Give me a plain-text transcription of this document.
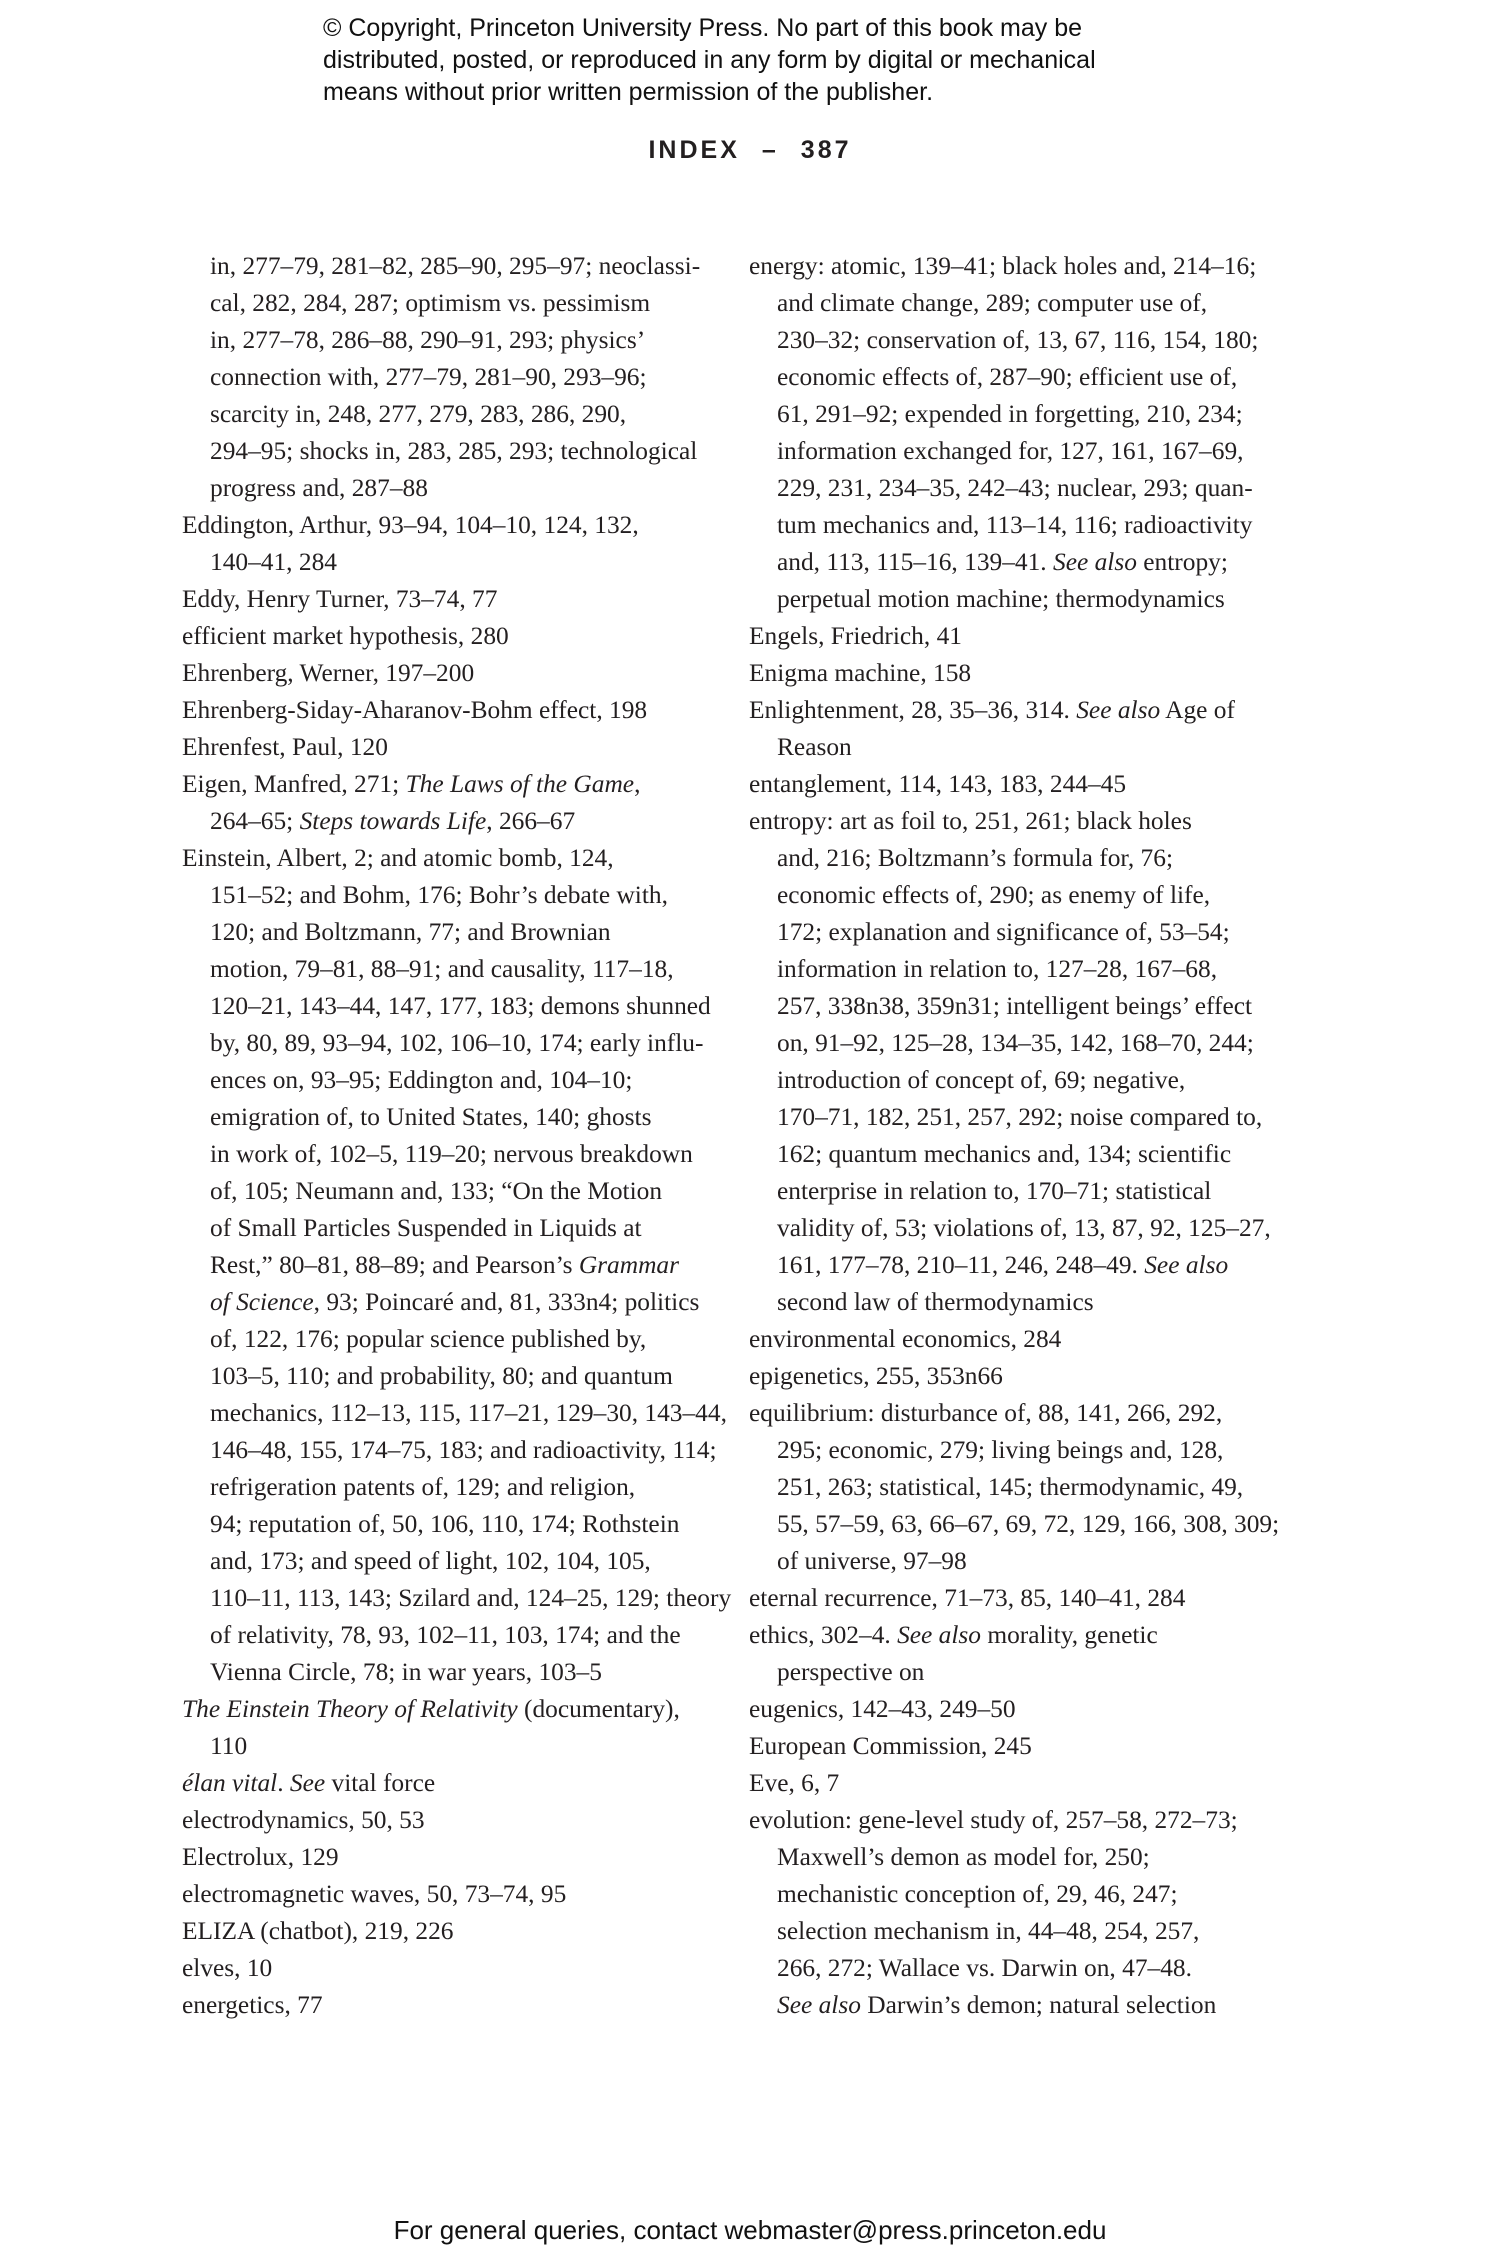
© Copyright, Princeton University Press. No part of this book may be
distributed, posted, or reproduced in any form by digital or mechanical
means without prior written permission of the publisher.
INDEX – 387
in, 277–79, 281–82, 285–90, 295–97; neoclassi-
cal, 282, 284, 287; optimism vs. pessimism
in, 277–78, 286–88, 290–91, 293; physics’
connection with, 277–79, 281–90, 293–96;
scarcity in, 248, 277, 279, 283, 286, 290,
294–95; shocks in, 283, 285, 293; technological
progress and, 287–88
Eddington, Arthur, 93–94, 104–10, 124, 132,
140–41, 284
Eddy, Henry Turner, 73–74, 77
efficient market hypothesis, 280
Ehrenberg, Werner, 197–200
Ehrenberg-Siday-Aharanov-Bohm effect, 198
Ehrenfest, Paul, 120
Eigen, Manfred, 271; The Laws of the Game,
264–65; Steps towards Life, 266–67
Einstein, Albert, 2; and atomic bomb, 124,
151–52; and Bohm, 176; Bohr’s debate with,
120; and Boltzmann, 77; and Brownian
motion, 79–81, 88–91; and causality, 117–18,
120–21, 143–44, 147, 177, 183; demons shunned
by, 80, 89, 93–94, 102, 106–10, 174; early influ-
ences on, 93–95; Eddington and, 104–10;
emigration of, to United States, 140; ghosts
in work of, 102–5, 119–20; nervous breakdown
of, 105; Neumann and, 133; “On the Motion
of Small Particles Suspended in Liquids at
Rest,” 80–81, 88–89; and Pearson’s Grammar
of Science, 93; Poincaré and, 81, 333n4; politics
of, 122, 176; popular science published by,
103–5, 110; and probability, 80; and quantum
mechanics, 112–13, 115, 117–21, 129–30, 143–44,
146–48, 155, 174–75, 183; and radioactivity, 114;
refrigeration patents of, 129; and religion,
94; reputation of, 50, 106, 110, 174; Rothstein
and, 173; and speed of light, 102, 104, 105,
110–11, 113, 143; Szilard and, 124–25, 129; theory
of relativity, 78, 93, 102–11, 103, 174; and the
Vienna Circle, 78; in war years, 103–5
The Einstein Theory of Relativity (documentary),
110
élan vital. See vital force
electrodynamics, 50, 53
Electrolux, 129
electromagnetic waves, 50, 73–74, 95
ELIZA (chatbot), 219, 226
elves, 10
energetics, 77
energy: atomic, 139–41; black holes and, 214–16;
and climate change, 289; computer use of,
230–32; conservation of, 13, 67, 116, 154, 180;
economic effects of, 287–90; efficient use of,
61, 291–92; expended in forgetting, 210, 234;
information exchanged for, 127, 161, 167–69,
229, 231, 234–35, 242–43; nuclear, 293; quan-
tum mechanics and, 113–14, 116; radioactivity
and, 113, 115–16, 139–41. See also entropy;
perpetual motion machine; thermodynamics
Engels, Friedrich, 41
Enigma machine, 158
Enlightenment, 28, 35–36, 314. See also Age of
Reason
entanglement, 114, 143, 183, 244–45
entropy: art as foil to, 251, 261; black holes
and, 216; Boltzmann’s formula for, 76;
economic effects of, 290; as enemy of life,
172; explanation and significance of, 53–54;
information in relation to, 127–28, 167–68,
257, 338n38, 359n31; intelligent beings’ effect
on, 91–92, 125–28, 134–35, 142, 168–70, 244;
introduction of concept of, 69; negative,
170–71, 182, 251, 257, 292; noise compared to,
162; quantum mechanics and, 134; scientific
enterprise in relation to, 170–71; statistical
validity of, 53; violations of, 13, 87, 92, 125–27,
161, 177–78, 210–11, 246, 248–49. See also
second law of thermodynamics
environmental economics, 284
epigenetics, 255, 353n66
equilibrium: disturbance of, 88, 141, 266, 292,
295; economic, 279; living beings and, 128,
251, 263; statistical, 145; thermodynamic, 49,
55, 57–59, 63, 66–67, 69, 72, 129, 166, 308, 309;
of universe, 97–98
eternal recurrence, 71–73, 85, 140–41, 284
ethics, 302–4. See also morality, genetic
perspective on
eugenics, 142–43, 249–50
European Commission, 245
Eve, 6, 7
evolution: gene-level study of, 257–58, 272–73;
Maxwell’s demon as model for, 250;
mechanistic conception of, 29, 46, 247;
selection mechanism in, 44–48, 254, 257,
266, 272; Wallace vs. Darwin on, 47–48.
See also Darwin’s demon; natural selection
For general queries, contact webmaster@press.princeton.edu
